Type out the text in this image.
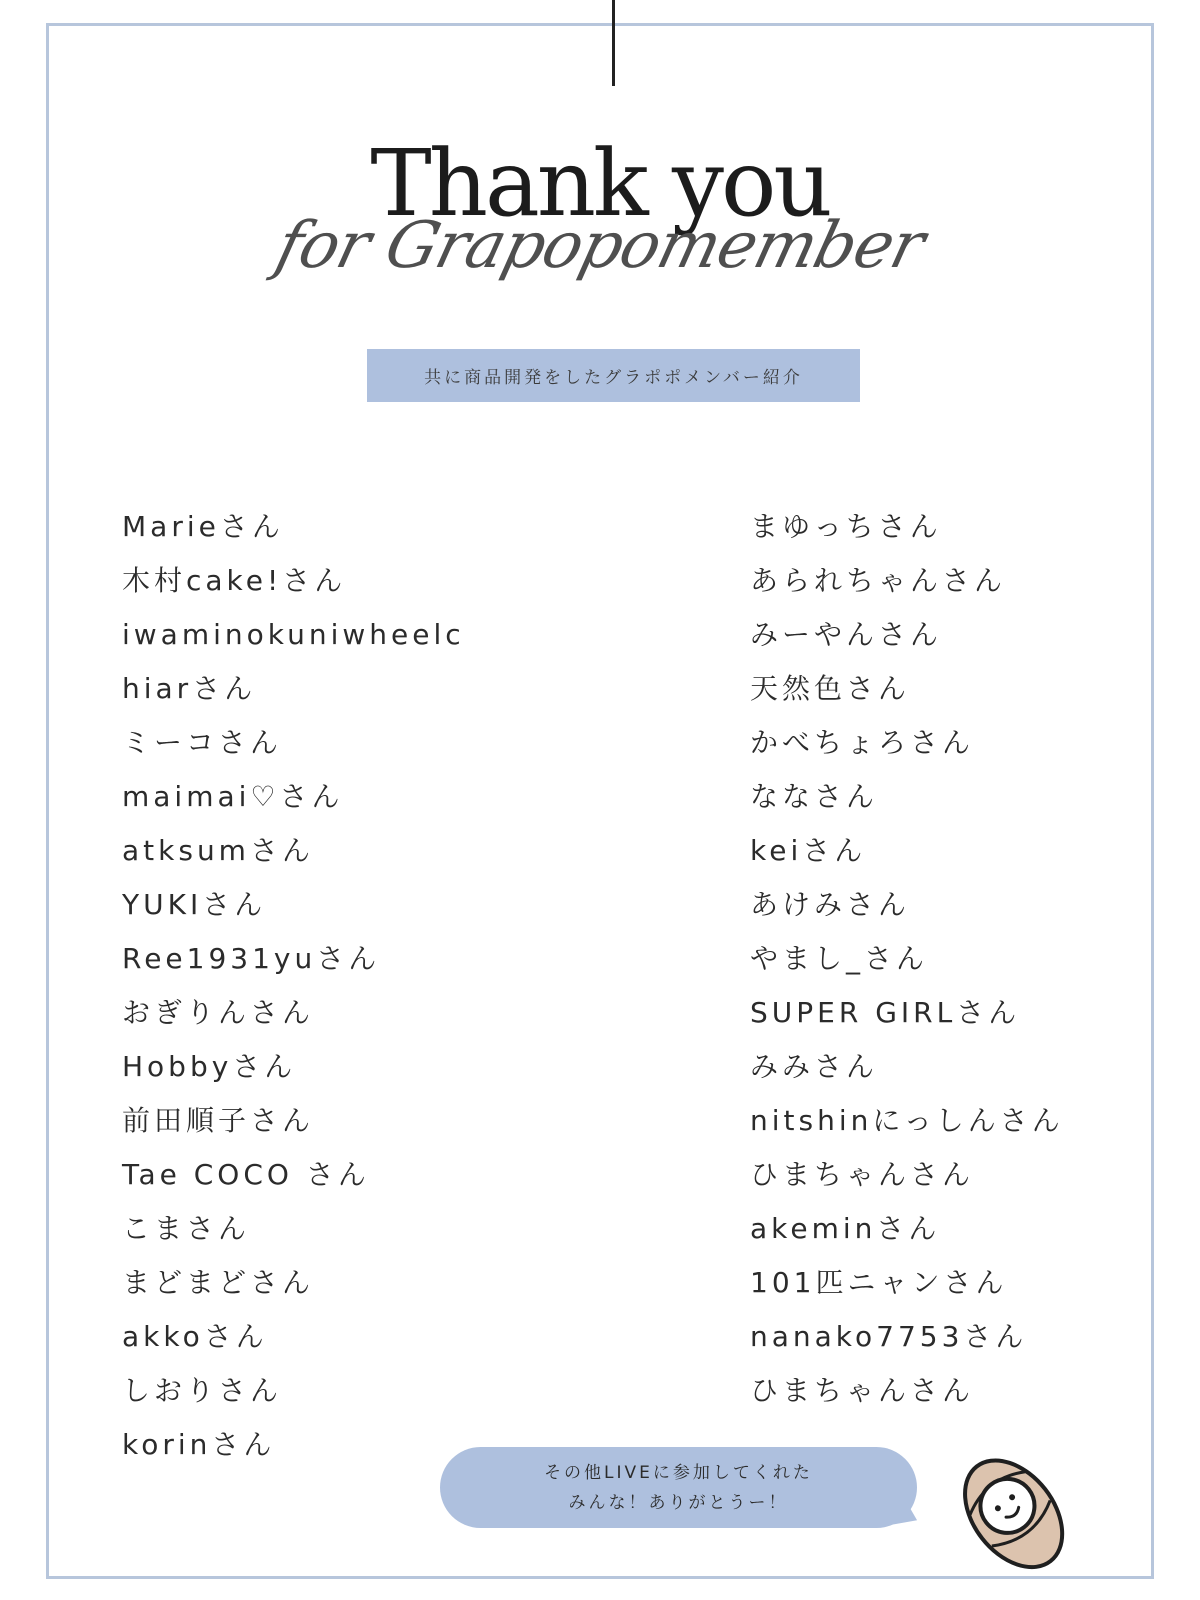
Thank you
for Grapopomember
共に商品開発をしたグラポポメンバー紹介
Marieさん
木村cake!さん
iwaminokuniwheelc
hiarさん
ミーコさん
maimai♡さん
atksumさん
YUKIさん
Ree1931yuさん
おぎりんさん
Hobbyさん
前田順子さん
Tae COCO さん
こまさん
まどまどさん
akkoさん
しおりさん
korinさん
まゆっちさん
あられちゃんさん
みーやんさん
天然色さん
かべちょろさん
ななさん
keiさん
あけみさん
やまし_さん
SUPER GIRLさん
みみさん
nitshinにっしんさん
ひまちゃんさん
akeminさん
101匹ニャンさん
nanako7753さん
ひまちゃんさん
その他LIVEに参加してくれた
みんな！ありがとうー！
